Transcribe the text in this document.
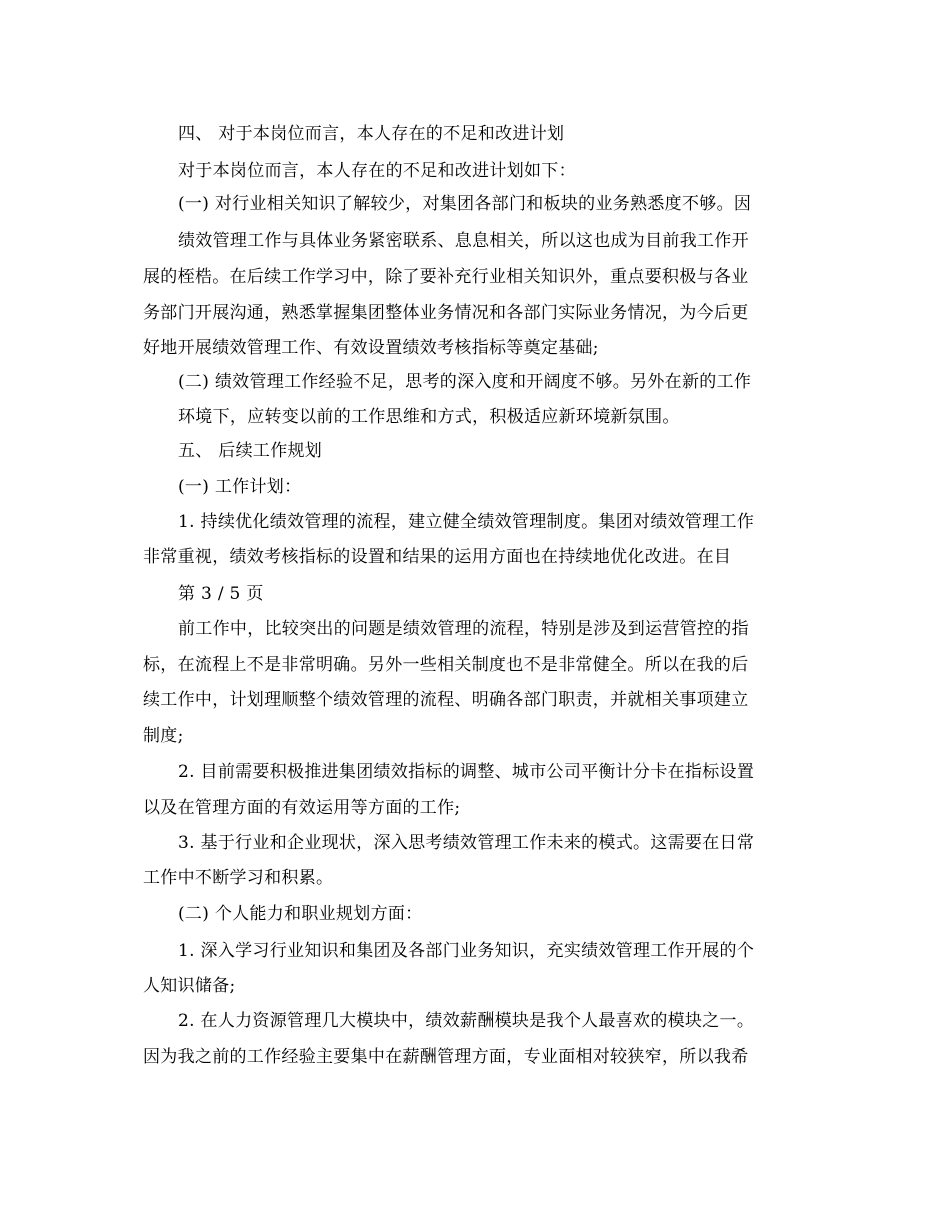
四、 对于本岗位而言，本人存在的不足和改进计划
对于本岗位而言，本人存在的不足和改进计划如下：
(一) 对行业相关知识了解较少，对集团各部门和板块的业务熟悉度不够。因
绩效管理工作与具体业务紧密联系、息息相关，所以这也成为目前我工作开
展的桎梏。在后续工作学习中，除了要补充行业相关知识外，重点要积极与各业
务部门开展沟通，熟悉掌握集团整体业务情况和各部门实际业务情况，为今后更
好地开展绩效管理工作、有效设置绩效考核指标等奠定基础;
(二) 绩效管理工作经验不足，思考的深入度和开阔度不够。另外在新的工作
环境下，应转变以前的工作思维和方式，积极适应新环境新氛围。
五、 后续工作规划
(一) 工作计划：
1. 持续优化绩效管理的流程，建立健全绩效管理制度。集团对绩效管理工作
非常重视，绩效考核指标的设置和结果的运用方面也在持续地优化改进。在目
第 3 / 5 页
前工作中，比较突出的问题是绩效管理的流程，特别是涉及到运营管控的指
标，在流程上不是非常明确。另外一些相关制度也不是非常健全。所以在我的后
续工作中，计划理顺整个绩效管理的流程、明确各部门职责，并就相关事项建立
制度;
2. 目前需要积极推进集团绩效指标的调整、城市公司平衡计分卡在指标设置
以及在管理方面的有效运用等方面的工作;
3. 基于行业和企业现状，深入思考绩效管理工作未来的模式。这需要在日常
工作中不断学习和积累。
(二) 个人能力和职业规划方面：
1. 深入学习行业知识和集团及各部门业务知识，充实绩效管理工作开展的个
人知识储备;
2. 在人力资源管理几大模块中，绩效薪酬模块是我个人最喜欢的模块之一。
因为我之前的工作经验主要集中在薪酬管理方面，专业面相对较狭窄，所以我希
